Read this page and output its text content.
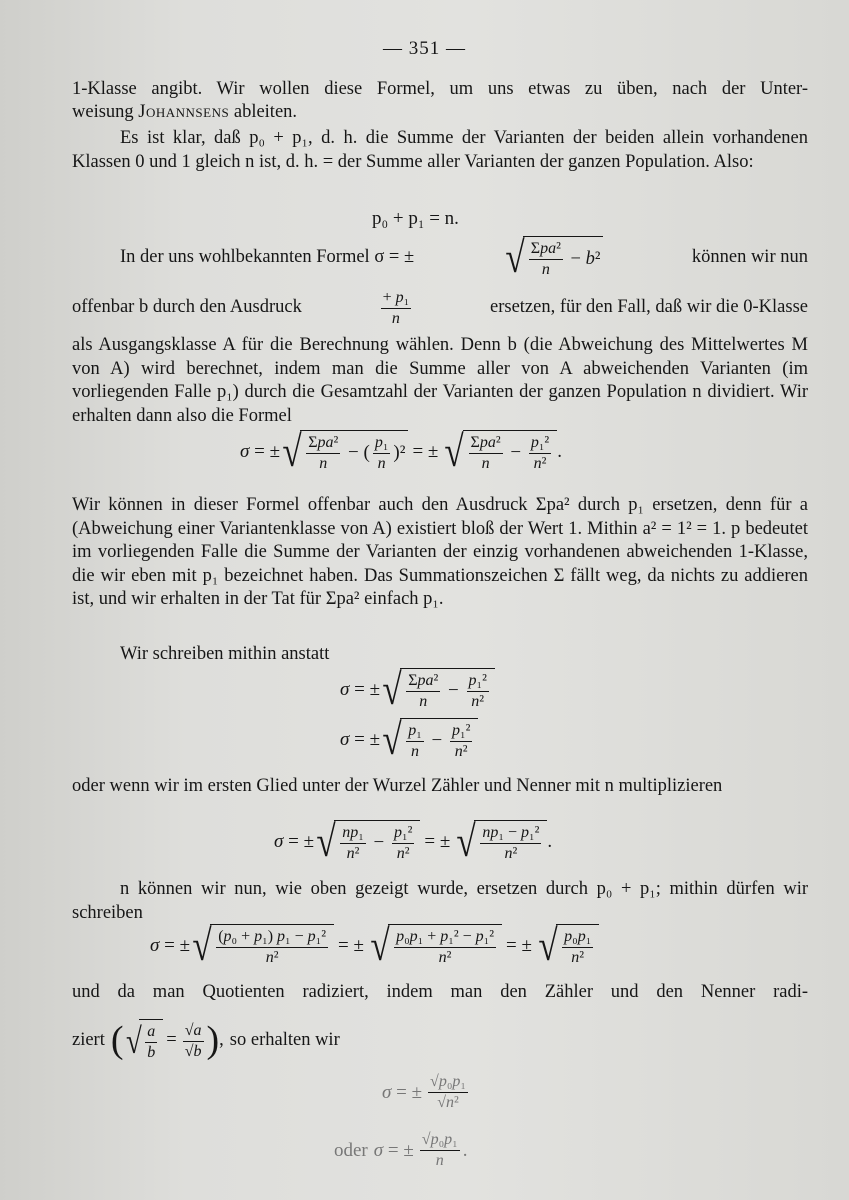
— 351 —
1-Klasse angibt. Wir wollen diese Formel, um uns etwas zu üben, nach der Unter-
weisung Johannsens ableiten.
Es ist klar, daß p₀ + p₁, d. h. die Summe der Varianten der beiden allein vorhandenen Klassen 0 und 1 gleich n ist, d. h. = der Summe aller Varianten der ganzen Population. Also:
p₀ + p₁ = n.
In der uns wohlbekannten Formel σ = ± √ $\frac{\text{Σpa²}}{n} - b^2$	können wir nun
offenbar b durch den Ausdruck	$\frac{\text{+ p₁}}{n}$	ersetzen, für den Fall, daß wir die 0-Klasse
als Ausgangsklasse A für die Berechnung wählen. Denn b (die Abweichung des Mittelwertes M von A) wird berechnet, indem man die Summe aller von A abweichenden Varianten (im vorliegenden Falle p₁) durch die Gesamtzahl der Varianten der ganzen Population n dividiert. Wir erhalten dann also die Formel
σ = ± √ $\frac{\text{Σpa²}}{n}$ − ( $\frac{\text{p₁}}{n} )^2$ = ± √ $\frac{\text{Σpa²}}{n} - \frac{\text{p₁²}}{\text{n²}}$ .
Wir können in dieser Formel offenbar auch den Ausdruck Σpa² durch p₁ ersetzen, denn für a (Abweichung einer Variantenklasse von A) existiert bloß der Wert 1. Mithin a² = 1² = 1. p bedeutet im vorliegenden Falle die Summe der Varianten der einzig vorhandenen abweichenden 1-Klasse, die wir eben mit p₁ bezeichnet haben. Das Summationszeichen Σ fällt weg, da nichts zu addieren ist, und wir erhalten in der Tat für Σpa² einfach p₁.
Wir schreiben mithin anstatt
σ = ± √ $\frac{\text{Σpa²}}{n} - \frac{\text{p₁²}}{\text{n²}}$
σ = ± √ $\frac{\text{p₁}}{n} - \frac{\text{p₁²}}{\text{n²}}$
oder wenn wir im ersten Glied unter der Wurzel Zähler und Nenner mit n multiplizieren
σ = ± √ $\frac{\text{np₁}}{\text{n²}} - \frac{\text{p₁²}}{\text{n²}}$ = ± √ $\frac{\text{np₁ − p₁²}}{\text{n²}}$ .
n können wir nun, wie oben gezeigt wurde, ersetzen durch p₀ + p₁; mithin dürfen wir schreiben
σ = ± √ $\frac{\text{(p₀ + p₁) p₁ − p₁²}}{\text{n²}}$ = ± √ $\frac{\text{p₀p₁ + p₁² − p₁²}}{\text{n²}}$ = ± √ $\frac{\text{p₀p₁}}{\text{n²}}$
und da man Quotienten radiziert, indem man den Zähler und den Nenner radi-
ziert ( √ $\frac{a}{b} = \frac{√a}{√b}$ ) , so erhalten wir
σ = ± $\frac{\text{√p₀p₁}}{\text{√n²}}$
oder σ = ± $\frac{\text{√p₀p₁}}{n}$ .
